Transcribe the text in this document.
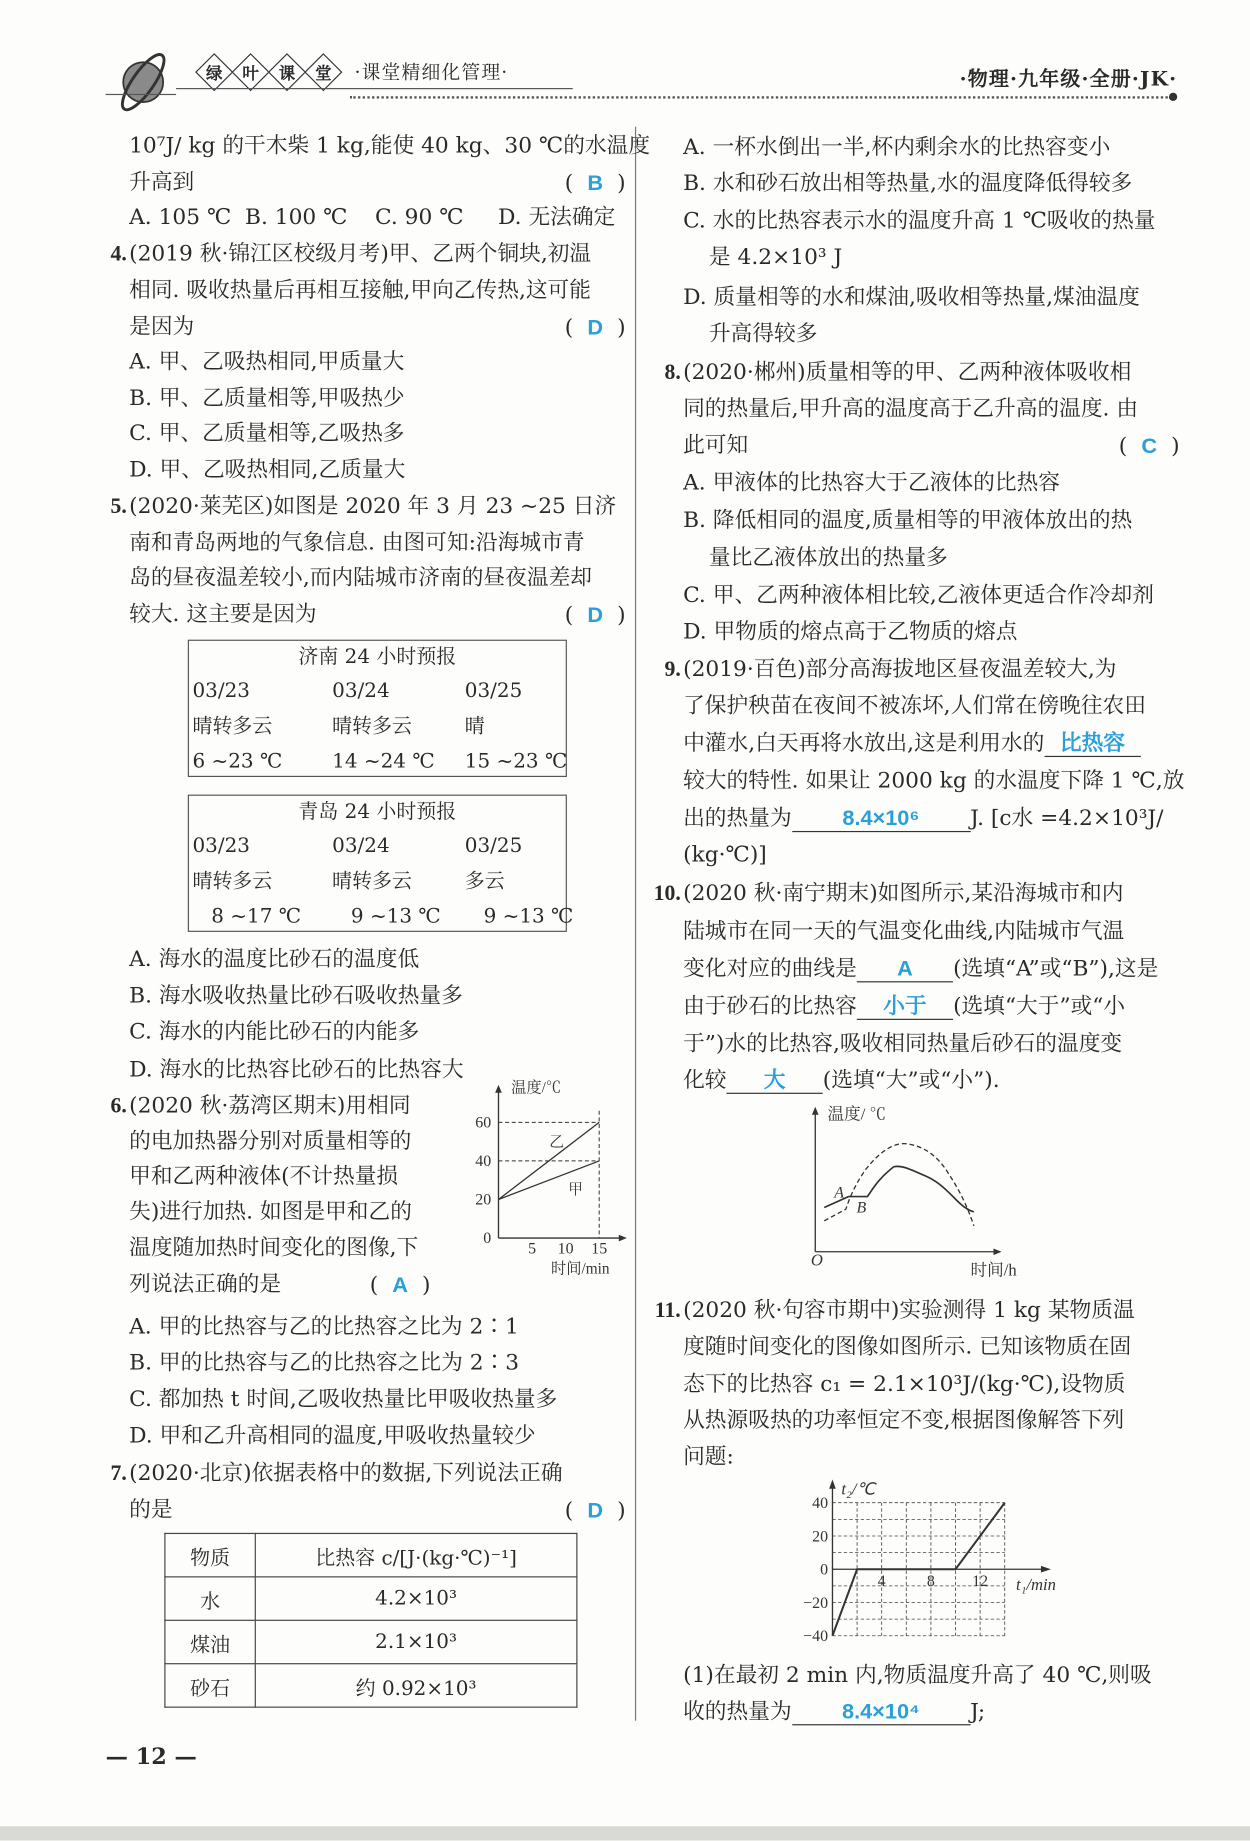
绿 叶 课 堂 ·课堂精细化管理·	·物理·九年级·全册·JK·
10⁷J/ kg 的干木柴 1 kg,能使 40 kg、30 ℃的水温度
升高到	( B )
A. 105 ℃  B. 100 ℃    C. 90 ℃     D. 无法确定
4. (2019 秋·锦江区校级月考)甲、乙两个铜块,初温
相同. 吸收热量后再相互接触,甲向乙传热,这可能
是因为	( D )
A. 甲、乙吸热相同,甲质量大
B. 甲、乙质量相等,甲吸热少
C. 甲、乙质量相等,乙吸热多
D. 甲、乙吸热相同,乙质量大
5. (2020·莱芜区)如图是 2020 年 3 月 23 ~25 日济
南和青岛两地的气象信息. 由图可知:沿海城市青
岛的昼夜温差较小,而内陆城市济南的昼夜温差却
较大. 这主要是因为	( D )
A. 海水的温度比砂石的温度低
B. 海水吸收热量比砂石吸收热量多
C. 海水的内能比砂石的内能多
D. 海水的比热容比砂石的比热容大
6. (2020 秋·荔湾区期末)用相同
的电加热器分别对质量相等的
甲和乙两种液体(不计热量损
失)进行加热. 如图是甲和乙的
温度随加热时间变化的图像,下
列说法正确的是	( A )
A. 甲的比热容与乙的比热容之比为 2∶1
B. 甲的比热容与乙的比热容之比为 2∶3
C. 都加热 t 时间,乙吸收热量比甲吸收热量多
D. 甲和乙升高相同的温度,甲吸收热量较少
7. (2020·北京)依据表格中的数据,下列说法正确
的是	( D )
A. 一杯水倒出一半,杯内剩余水的比热容变小
B. 水和砂石放出相等热量,水的温度降低得较多
C. 水的比热容表示水的温度升高 1 ℃吸收的热量
是 4.2×10³ J
D. 质量相等的水和煤油,吸收相等热量,煤油温度
升高得较多
8. (2020·郴州)质量相等的甲、乙两种液体吸收相
同的热量后,甲升高的温度高于乙升高的温度. 由
此可知	( C )
A. 甲液体的比热容大于乙液体的比热容
B. 降低相同的温度,质量相等的甲液体放出的热
量比乙液体放出的热量多
C. 甲、乙两种液体相比较,乙液体更适合作冷却剂
D. 甲物质的熔点高于乙物质的熔点
9. (2019·百色)部分高海拔地区昼夜温差较大,为
了保护秧苗在夜间不被冻坏,人们常在傍晚往农田
中灌水,白天再将水放出,这是利用水的 比热容
较大的特性. 如果让 2000 kg 的水温度下降 1 ℃,放
出的热量为	8.4×10⁶	J. [c水 =4.2×10³J/
(kg·℃)]
10. (2020 秋·南宁期末)如图所示,某沿海城市和内
陆城市在同一天的气温变化曲线,内陆城市气温
变化对应的曲线是 A (选填“A”或“B”),这是
由于砂石的比热容 小于 (选填“大于”或“小
于”)水的比热容,吸收相同热量后砂石的温度变
化较 大 (选填“大”或“小”).
11. (2020 秋·句容市期中)实验测得 1 kg 某物质温
度随时间变化的图像如图所示. 已知该物质在固
态下的比热容 c₁ = 2.1×10³J/(kg·℃),设物质
从热源吸热的功率恒定不变,根据图像解答下列
问题:
(1)在最初 2 min 内,物质温度升高了 40 ℃,则吸
收的热量为	8.4×10⁴	J;
济南 24 小时预报
03/23	03/24	03/25
晴转多云	晴转多云	晴
6 ~23 ℃	14 ~24 ℃ 15 ~23 ℃
青岛 24 小时预报
03/23	03/24	03/25
晴转多云	晴转多云	多云
8 ~17 ℃	9 ~13 ℃	9 ~13 ℃
物质	比热容 c/[J·(kg·℃)⁻¹]
水	4.2×10³
煤油	2.1×10³
砂石	约 0.92×10³
温度/℃
时间/min
0
20
40
60
5 10 15
乙
甲
温度/ ℃
时间/h
O
A
B
t₂/℃
t₁/min
40
20
0
−20
−40
4 8 12
— 12 —
